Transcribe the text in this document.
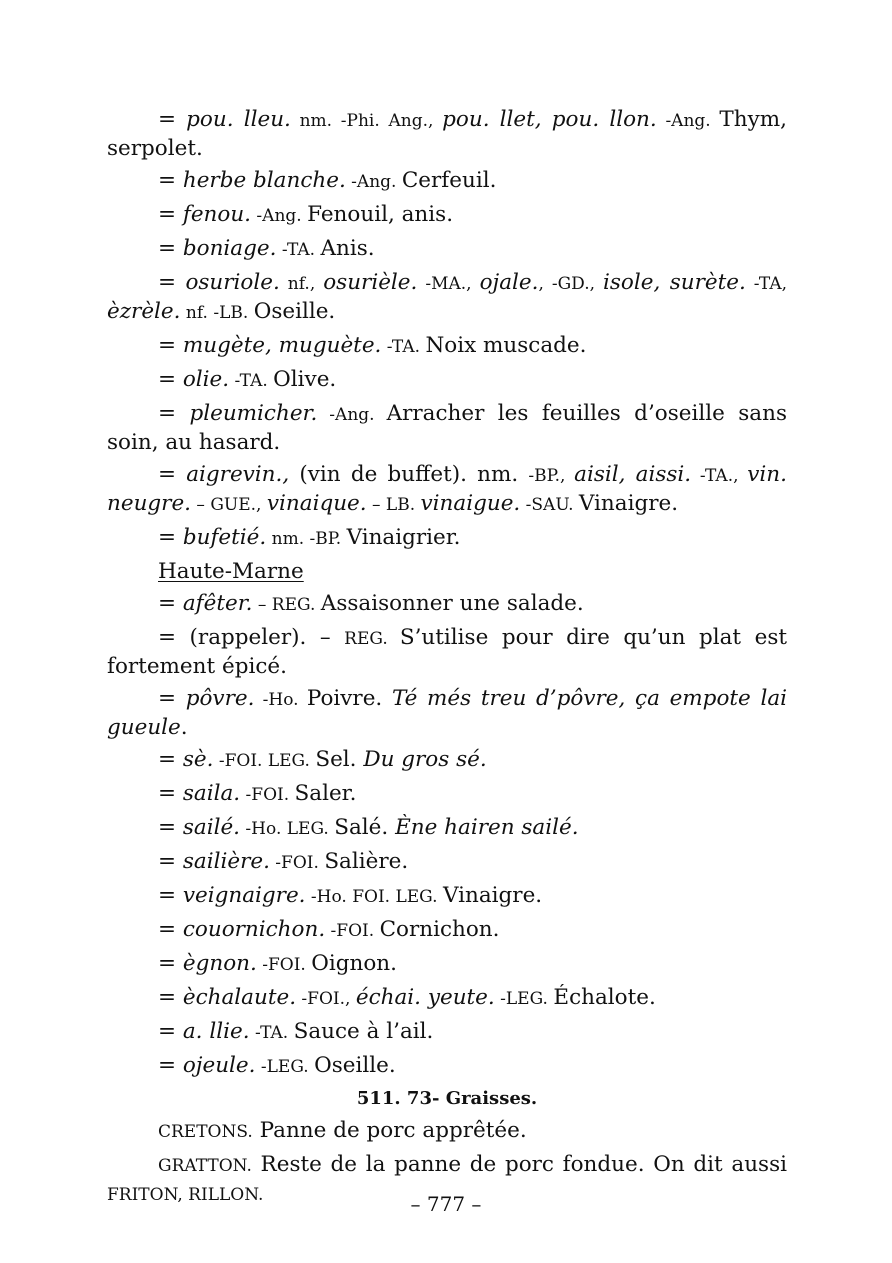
= pou. lleu. nm. -Phi. Ang., pou. llet, pou. llon. -Ang. Thym, serpolet.

= herbe blanche. -Ang. Cerfeuil.

= fenou. -Ang. Fenouil, anis.

= boniage. -TA. Anis.

= osuriole. nf., osurièle. -MA., ojale., -GD., isole, surète. -TA, èzrèle. nf. -LB. Oseille.

= mugète, muguète. -TA. Noix muscade.

= olie. -TA. Olive.

= pleumicher. -Ang. Arracher les feuilles d’oseille sans soin, au hasard.

= aigrevin., (vin de buffet). nm. -BP., aisil, aissi. -TA., vin. neugre. – GUE., vinaique. – LB. vinaigue. -SAU. Vinaigre.

= bufetié. nm. -BP. Vinaigrier.

Haute-Marne

= afêter. – REG. Assaisonner une salade.

= (rappeler). – REG. S’utilise pour dire qu’un plat est fortement épicé.

= pôvre. -Ho. Poivre. Té més treu d’pôvre, ça empote lai gueule.

= sè. -FOI. LEG. Sel. Du gros sé.

= saila. -FOI. Saler.

= sailé. -Ho. LEG. Salé. Ène hairen sailé.

= sailière. -FOI. Salière.

= veignaigre. -Ho. FOI. LEG. Vinaigre.

= couornichon. -FOI. Cornichon.

= ègnon. -FOI. Oignon.

= èchalaute. -FOI., échai. yeute. -LEG. Échalote.

= a. llie. -TA. Sauce à l’ail.

= ojeule. -LEG. Oseille.

511. 73- Graisses.

CRETONS. Panne de porc apprêtée.

GRATTON. Reste de la panne de porc fondue. On dit aussi FRITON, RILLON.	– 777 –
